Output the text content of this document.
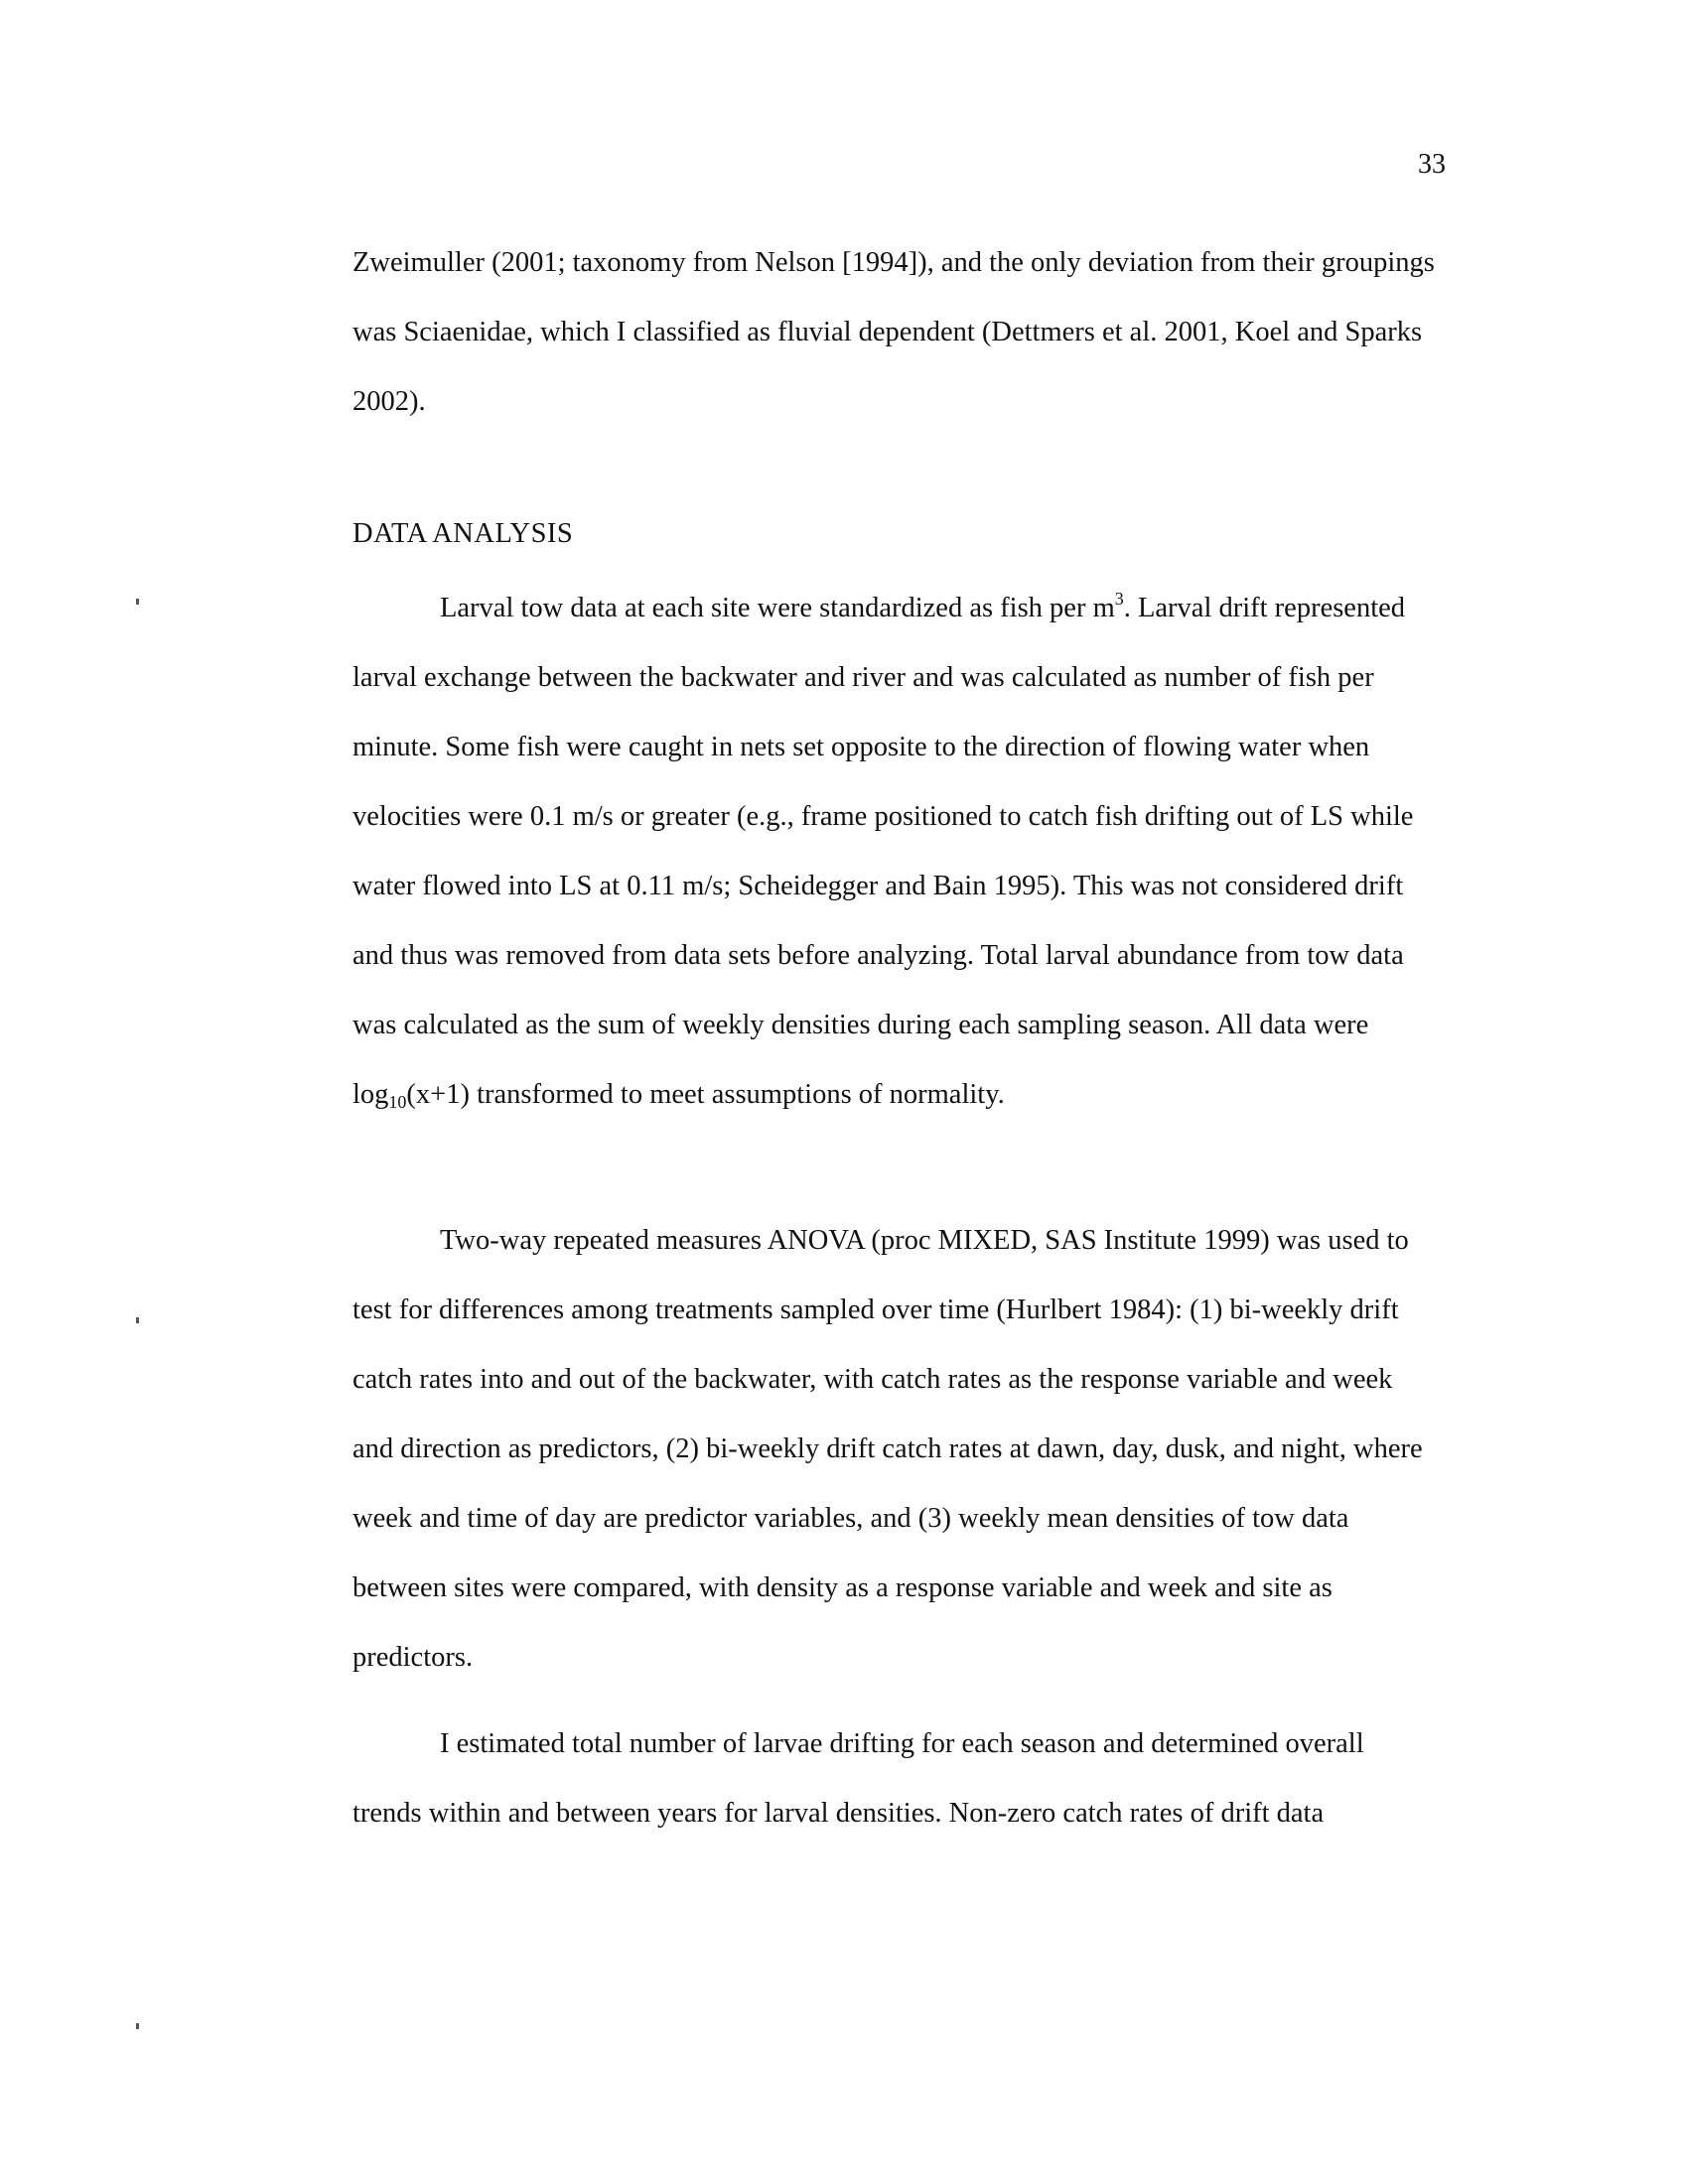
33

Zweimuller (2001; taxonomy from Nelson [1994]), and the only deviation from their groupings was Sciaenidae, which I classified as fluvial dependent (Dettmers et al. 2001, Koel and Sparks 2002).

DATA ANALYSIS

Larval tow data at each site were standardized as fish per $m^3$. Larval drift represented larval exchange between the backwater and river and was calculated as number of fish per minute. Some fish were caught in nets set opposite to the direction of flowing water when velocities were 0.1 m/s or greater (e.g., frame positioned to catch fish drifting out of LS while water flowed into LS at 0.11 m/s; Scheidegger and Bain 1995). This was not considered drift and thus was removed from data sets before analyzing. Total larval abundance from tow data was calculated as the sum of weekly densities during each sampling season. All data were $\log_{10}(x+1)$ transformed to meet assumptions of normality.

Two-way repeated measures ANOVA (proc MIXED, SAS Institute 1999) was used to test for differences among treatments sampled over time (Hurlbert 1984): (1) bi-weekly drift catch rates into and out of the backwater, with catch rates as the response variable and week and direction as predictors, (2) bi-weekly drift catch rates at dawn, day, dusk, and night, where week and time of day are predictor variables, and (3) weekly mean densities of tow data between sites were compared, with density as a response variable and week and site as predictors.

I estimated total number of larvae drifting for each season and determined overall trends within and between years for larval densities. Non-zero catch rates of drift data
